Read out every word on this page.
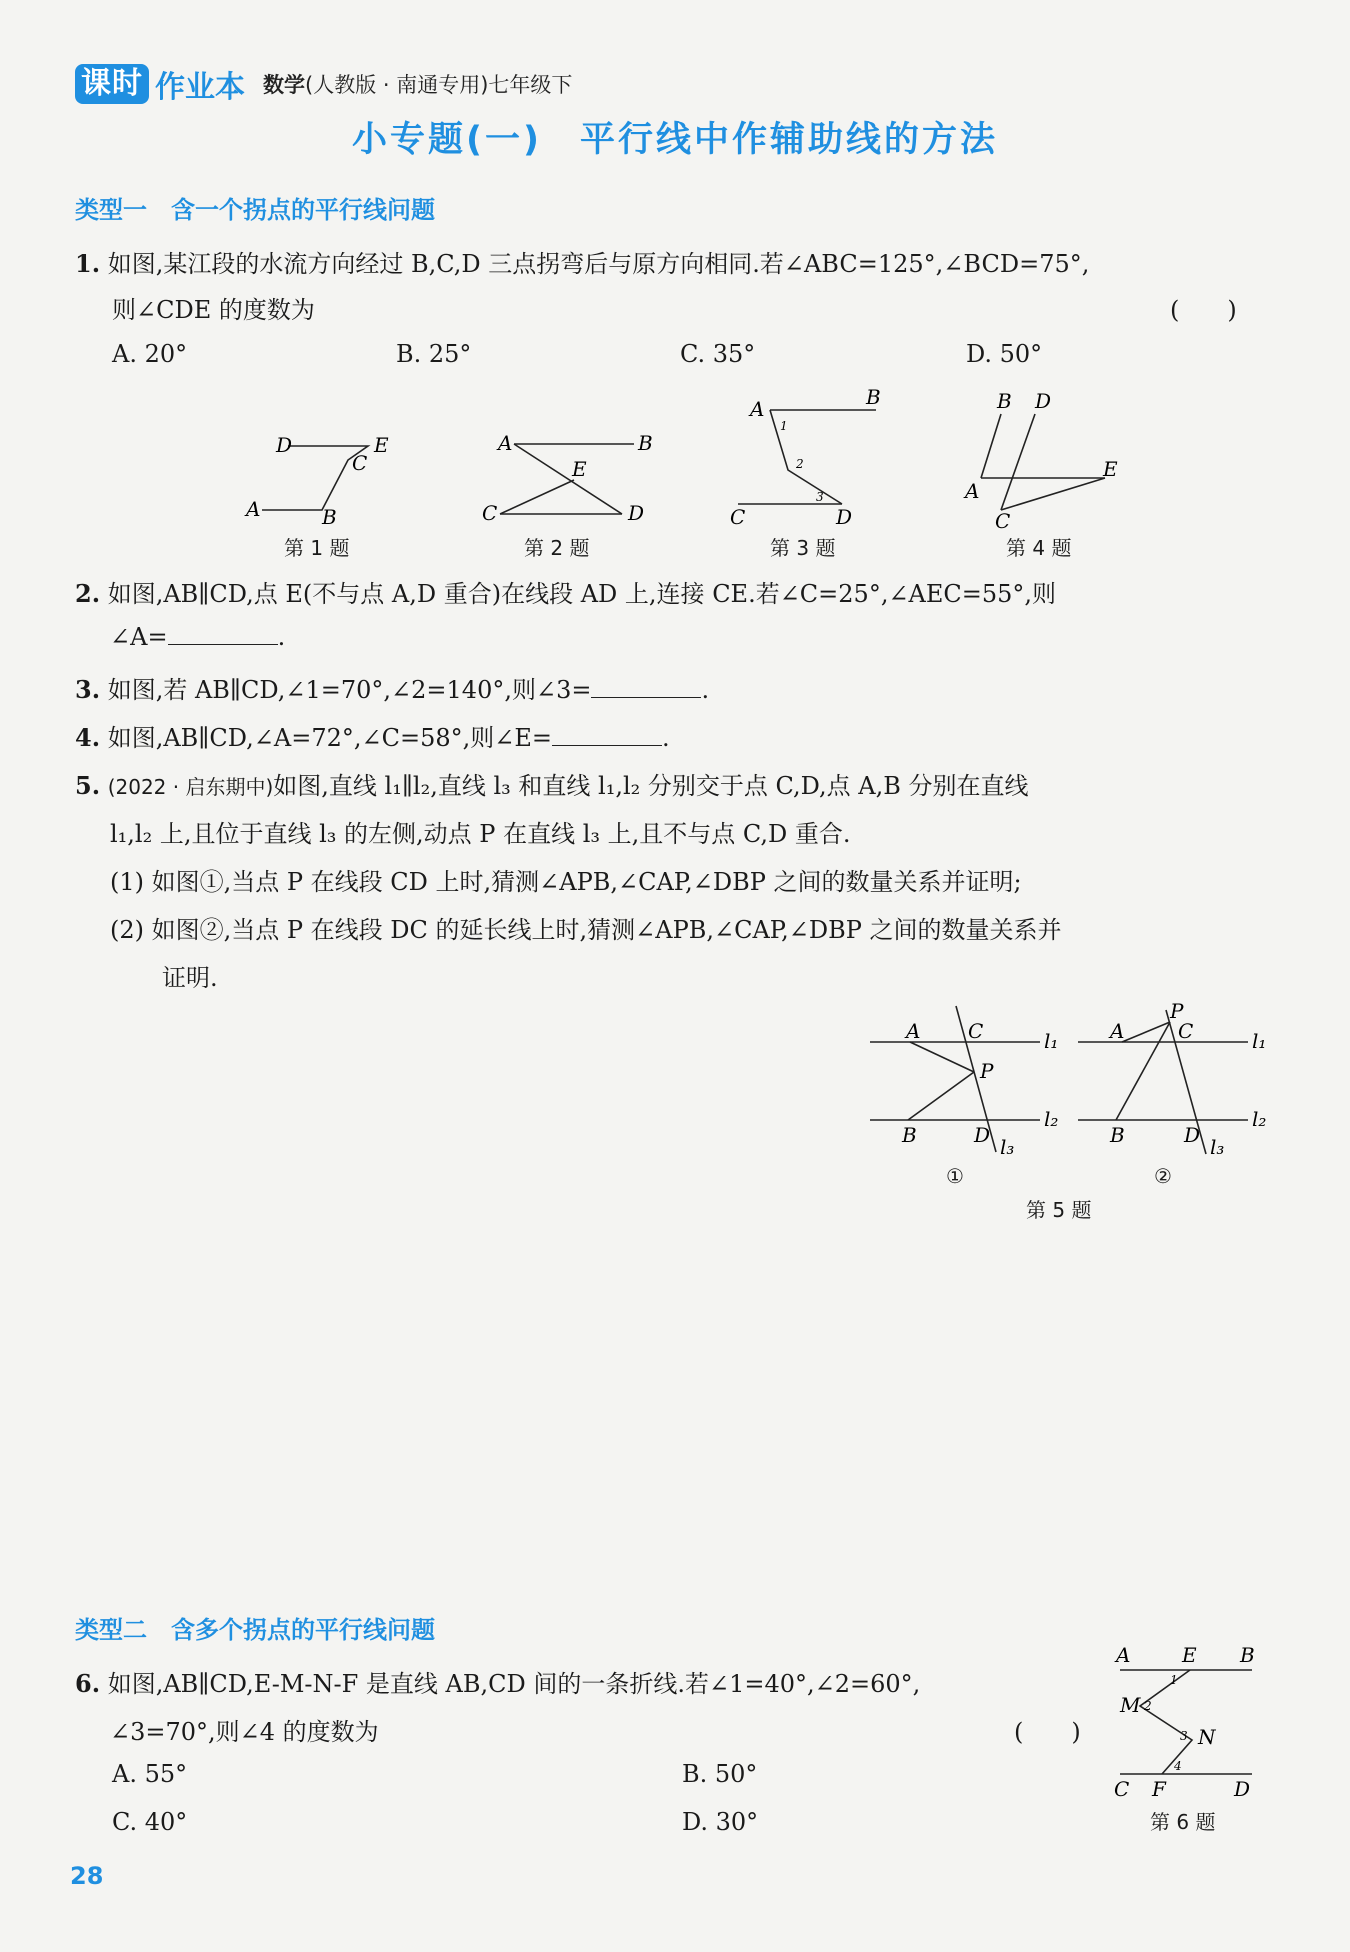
课时 作业本 数学(人教版 · 南通专用)七年级下
小专题(一)　平行线中作辅助线的方法
类型一　含一个拐点的平行线问题
1. 如图,某江段的水流方向经过 B,C,D 三点拐弯后与原方向相同.若∠ABC=125°,∠BCD=75°,
则∠CDE 的度数为	(　　)
A. 20°	B. 25°	C. 35°	D. 50°
D	E
C
A	B
第 1 题
A	B
E
C	D
第 2 题
A	B
1
2
3
C	D
第 3 题
B D
A
E
C
第 4 题
2. 如图,AB∥CD,点 E(不与点 A,D 重合)在线段 AD 上,连接 CE.若∠C=25°,∠AEC=55°,则
∠A=	.
3. 如图,若 AB∥CD,∠1=70°,∠2=140°,则∠3=	.
4. 如图,AB∥CD,∠A=72°,∠C=58°,则∠E=	.
5. (2022 · 启东期中)如图,直线 l₁∥l₂,直线 l₃ 和直线 l₁,l₂ 分别交于点 C,D,点 A,B 分别在直线
l₁,l₂ 上,且位于直线 l₃ 的左侧,动点 P 在直线 l₃ 上,且不与点 C,D 重合.
(1) 如图①,当点 P 在线段 CD 上时,猜测∠APB,∠CAP,∠DBP 之间的数量关系并证明;
(2) 如图②,当点 P 在线段 DC 的延长线上时,猜测∠APB,∠CAP,∠DBP 之间的数量关系并
证明.
A C	l₁
P
B	D
l₂
l₃
①
P
A	C	l₁
B	D
l₂
l₃
②
第 5 题
类型二　含多个拐点的平行线问题
6. 如图,AB∥CD,E-M-N-F 是直线 AB,CD 间的一条折线.若∠1=40°,∠2=60°,
∠3=70°,则∠4 的度数为	(　　)
A. 55°	B. 50°
C. 40°	D. 30°
A	E B
1
M 2
3 N
4
C F	D
第 6 题
28
